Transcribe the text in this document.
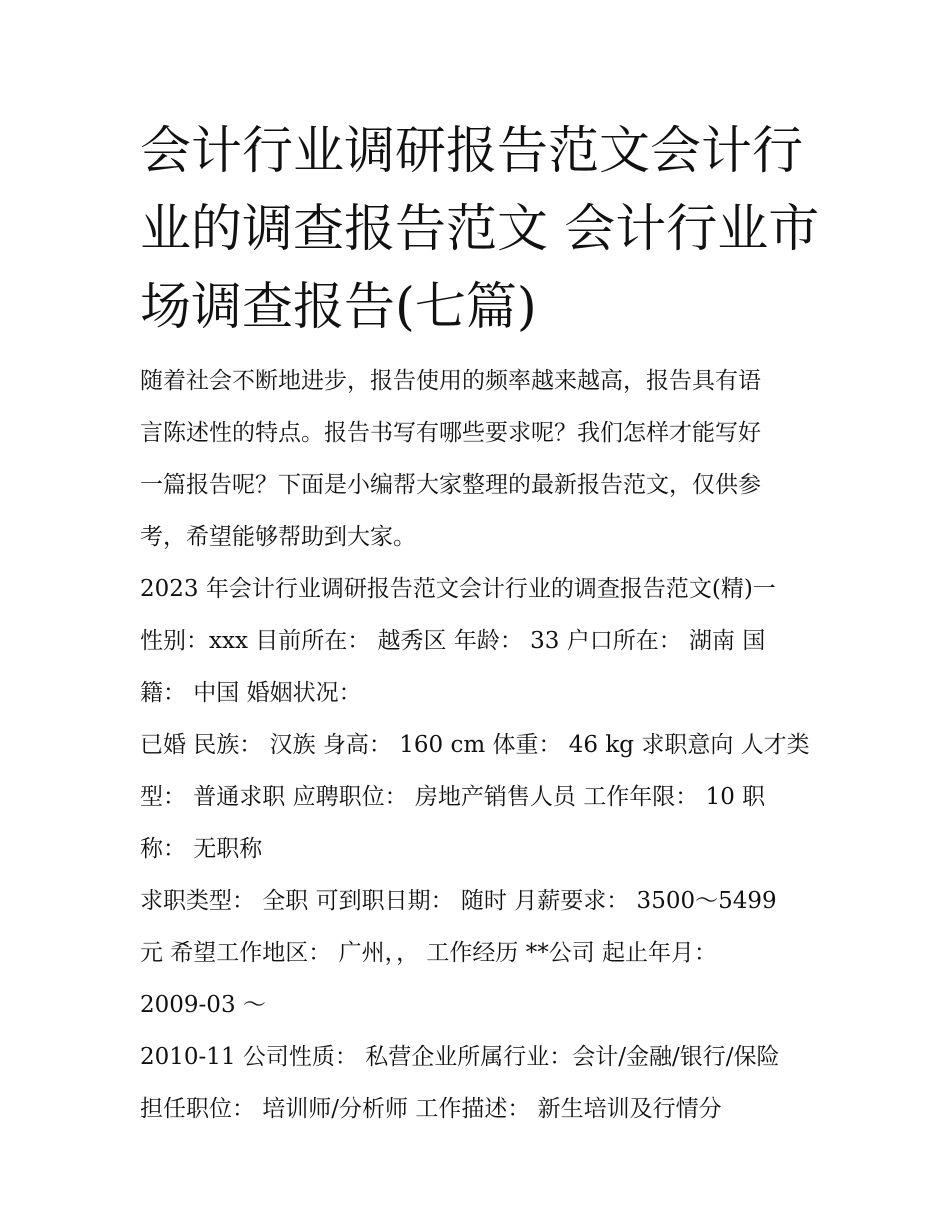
会计行业调研报告范文会计行
业的调查报告范文 会计行业市
场调查报告(七篇)
随着社会不断地进步，报告使用的频率越来越高，报告具有语
言陈述性的特点。报告书写有哪些要求呢？我们怎样才能写好
一篇报告呢？下面是小编帮大家整理的最新报告范文，仅供参
考，希望能够帮助到大家。
2023 年会计行业调研报告范文会计行业的调查报告范文(精)一
性别：xxx 目前所在： 越秀区 年龄： 33 户口所在： 湖南 国
籍： 中国 婚姻状况：
已婚 民族： 汉族 身高： 160 cm 体重： 46 kg 求职意向 人才类
型： 普通求职 应聘职位： 房地产销售人员 工作年限： 10 职
称： 无职称
求职类型： 全职 可到职日期： 随时 月薪要求： 3500～5499
元 希望工作地区： 广州，， 工作经历 **公司 起止年月：
2009-03 ～
2010-11 公司性质： 私营企业所属行业：会计/金融/银行/保险
担任职位： 培训师/分析师 工作描述： 新生培训及行情分
